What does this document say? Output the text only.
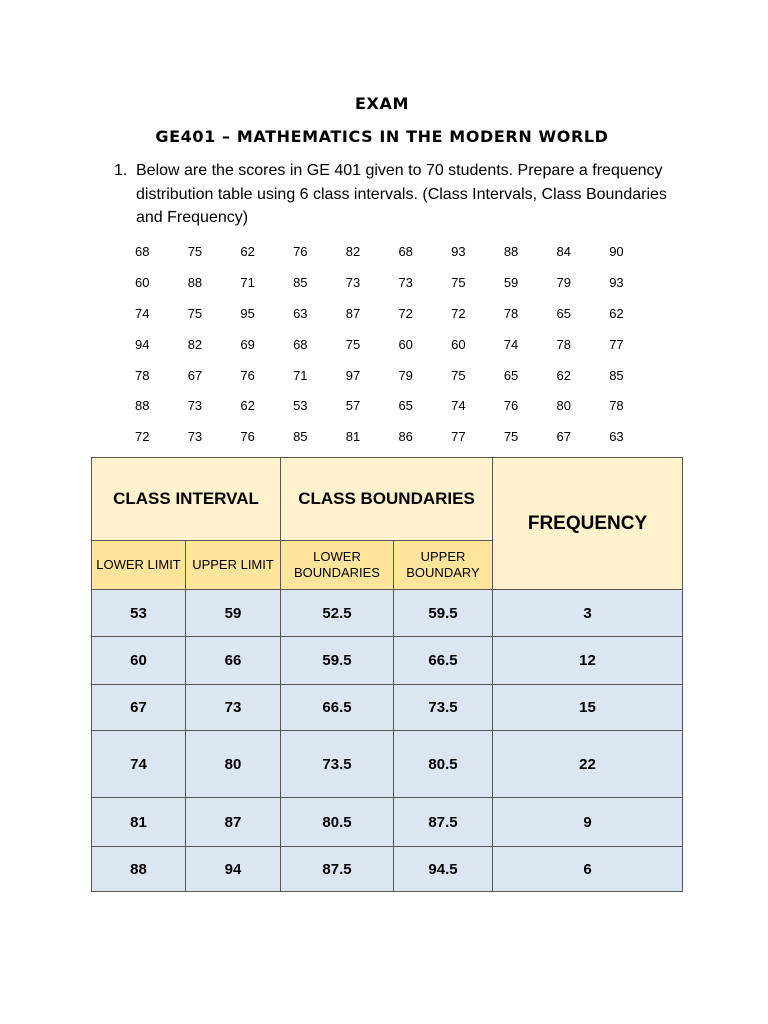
EXAM
GE401 – MATHEMATICS IN THE MODERN WORLD
1. Below are the scores in GE 401 given to 70 students. Prepare a frequency distribution table using 6 class intervals. (Class Intervals, Class Boundaries and Frequency)
68	75	62	76	82	68	93	88	84	90
60	88	71	85	73	73	75	59	79	93
74	75	95	63	87	72	72	78	65	62
94	82	69	68	75	60	60	74	78	77
78	67	76	71	97	79	75	65	62	85
88	73	62	53	57	65	74	76	80	78
72	73	76	85	81	86	77	75	67	63
CLASS INTERVAL		CLASS BOUNDARIES		FREQUENCY
LOWER LIMIT	UPPER LIMIT	LOWER BOUNDARIES	UPPER BOUNDARY	
53	59	52.5	59.5	3
60	66	59.5	66.5	12
67	73	66.5	73.5	15
74	80	73.5	80.5	22
81	87	80.5	87.5	9
88	94	87.5	94.5	6
